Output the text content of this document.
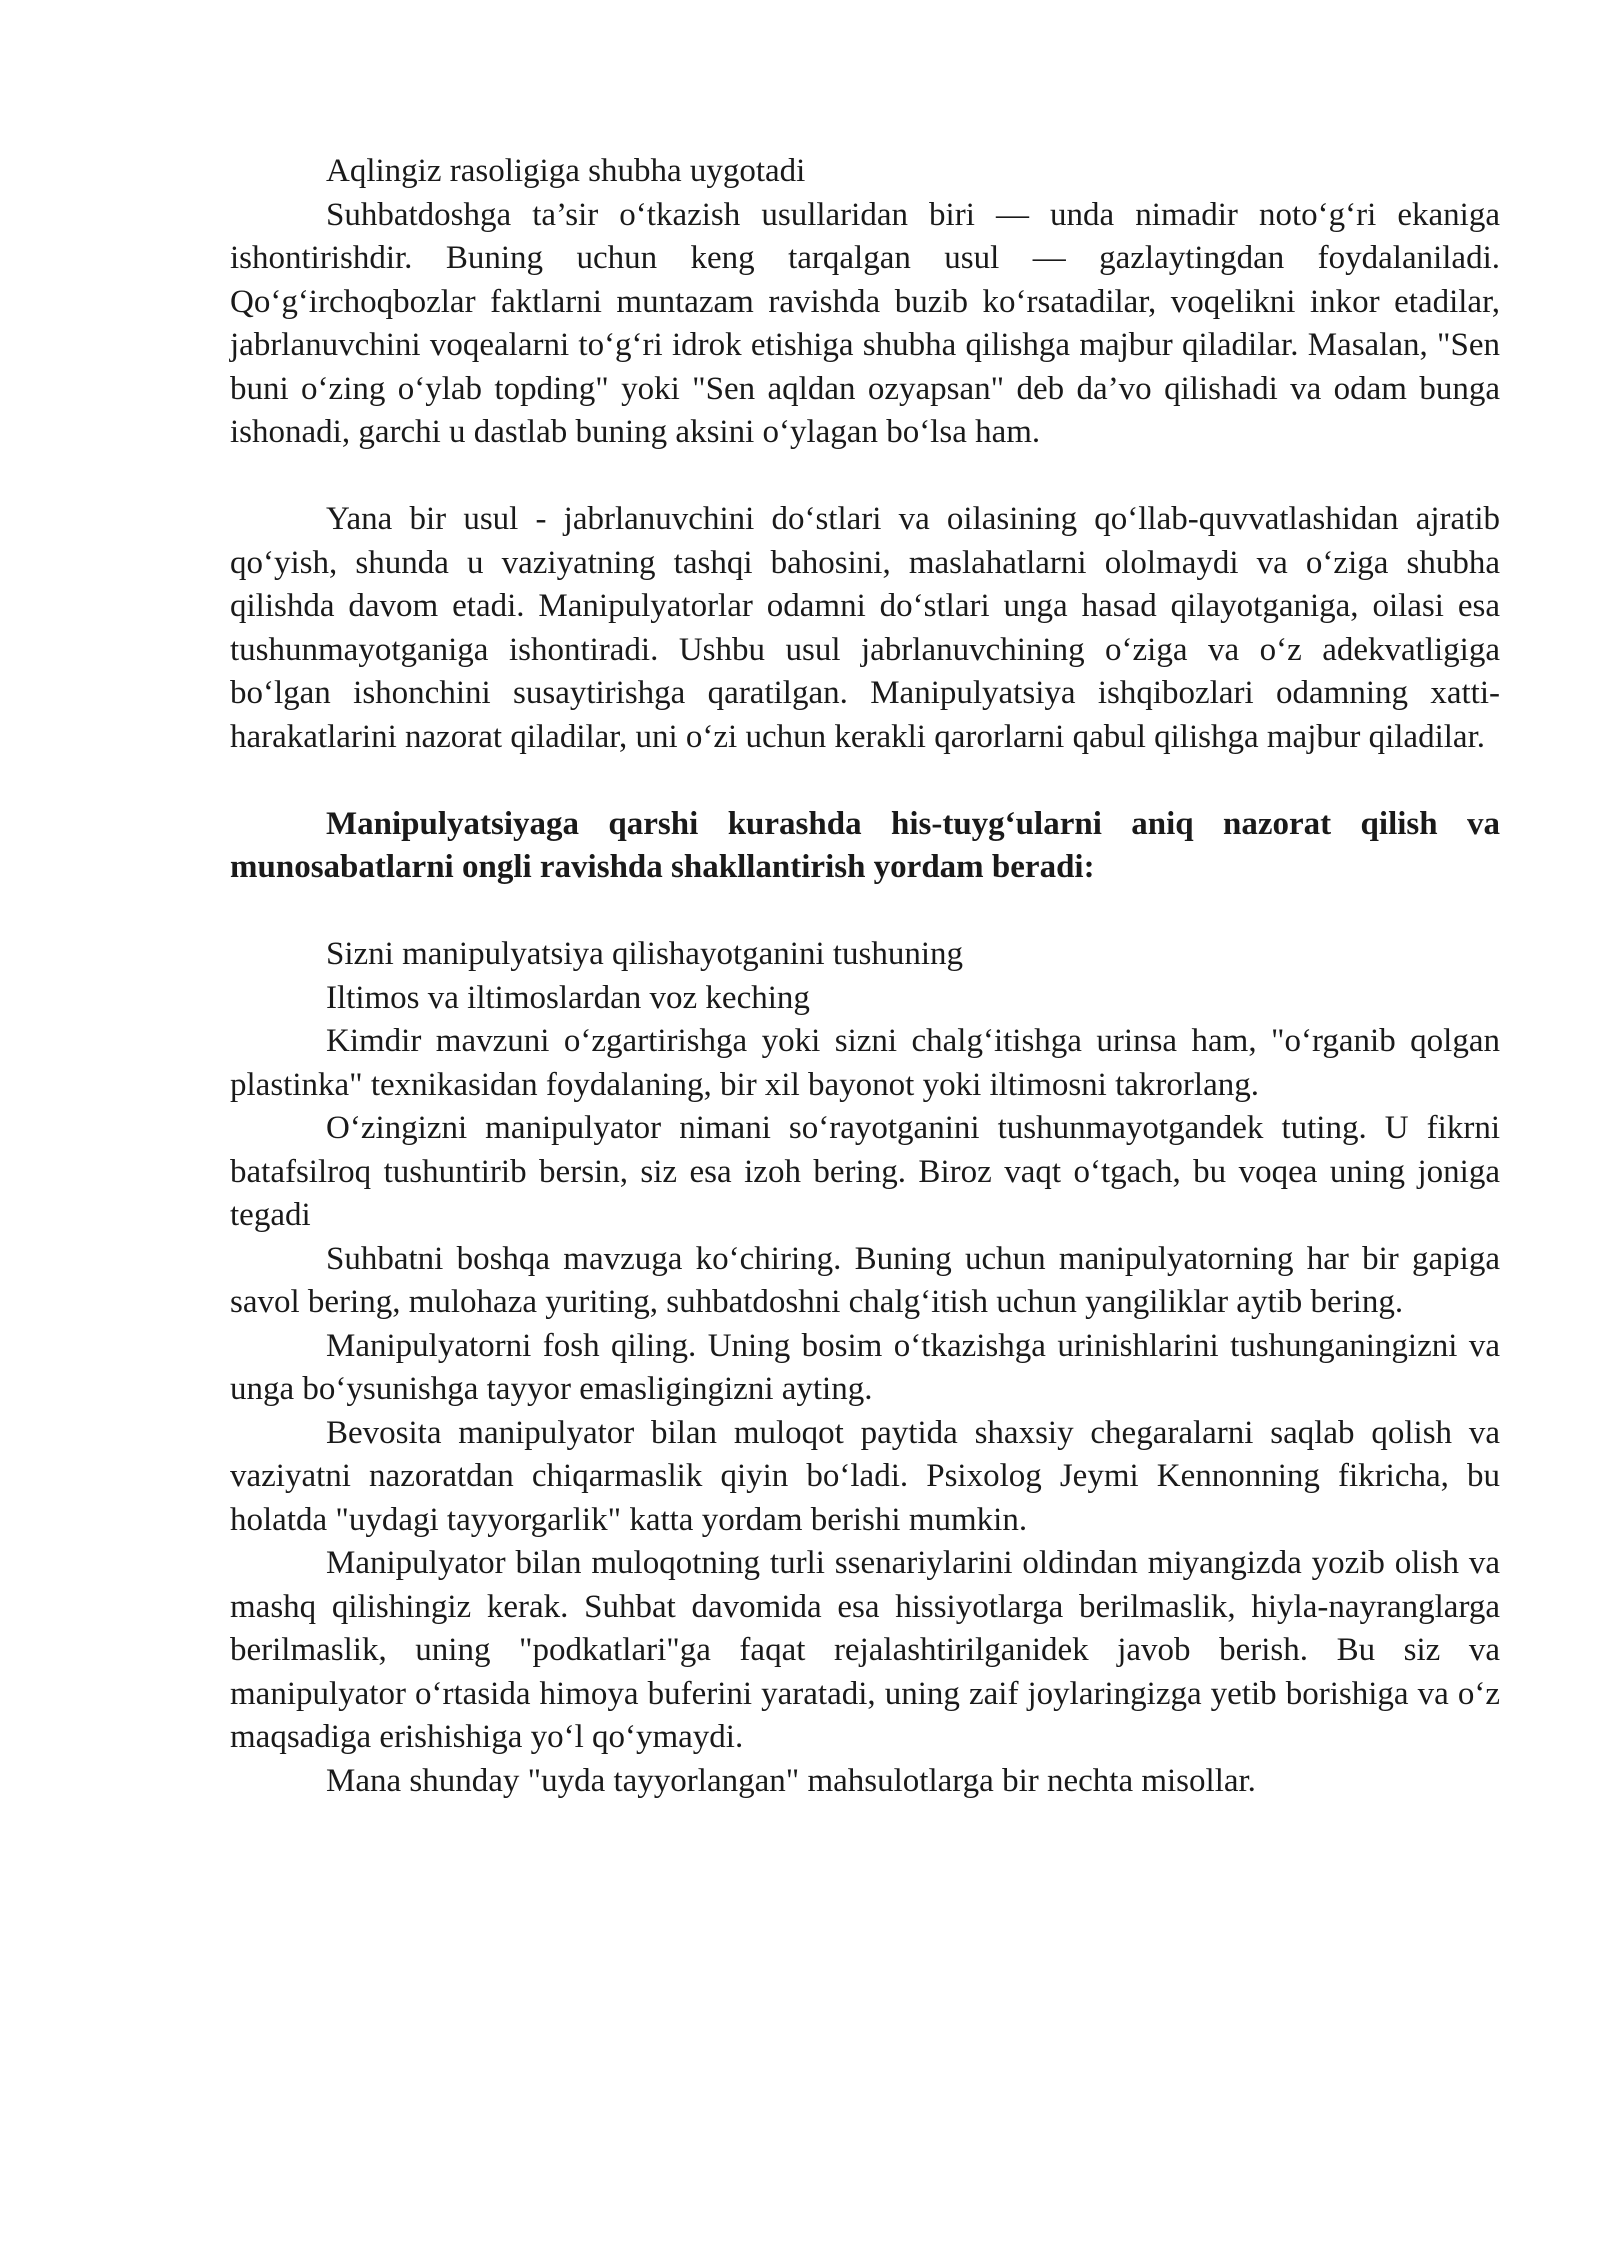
Aqlingiz rasoligiga shubha uygotadi

Suhbatdoshga ta’sir o‘tkazish usullaridan biri — unda nimadir noto‘g‘ri ekaniga ishontirishdir. Buning uchun keng tarqalgan usul — gazlaytingdan foydalaniladi. Qo‘g‘irchoqbozlar faktlarni muntazam ravishda buzib ko‘rsatadilar, voqelikni inkor etadilar, jabrlanuvchini voqealarni to‘g‘ri idrok etishiga shubha qilishga majbur qiladilar. Masalan, "Sen buni o‘zing o‘ylab topding" yoki "Sen aqldan ozyapsan" deb da’vo qilishadi va odam bunga ishonadi, garchi u dastlab buning aksini o‘ylagan bo‘lsa ham.

Yana bir usul - jabrlanuvchini do‘stlari va oilasining qo‘llab-quvvatlashidan ajratib qo‘yish, shunda u vaziyatning tashqi bahosini, maslahatlarni ololmaydi va o‘ziga shubha qilishda davom etadi. Manipulyatorlar odamni do‘stlari unga hasad qilayotganiga, oilasi esa tushunmayotganiga ishontiradi. Ushbu usul jabrlanuvchining o‘ziga va o‘z adekvatligiga bo‘lgan ishonchini susaytirishga qaratilgan. Manipulyatsiya ishqibozlari odamning xatti-harakatlarini nazorat qiladilar, uni o‘zi uchun kerakli qarorlarni qabul qilishga majbur qiladilar.

Manipulyatsiyaga qarshi kurashda his-tuyg‘ularni aniq nazorat qilish va munosabatlarni ongli ravishda shakllantirish yordam beradi:

Sizni manipulyatsiya qilishayotganini tushuning

Iltimos va iltimoslardan voz keching

Kimdir mavzuni o‘zgartirishga yoki sizni chalg‘itishga urinsa ham, "o‘rganib qolgan plastinka" texnikasidan foydalaning, bir xil bayonot yoki iltimosni takrorlang.

O‘zingizni manipulyator nimani so‘rayotganini tushunmayotgandek tuting. U fikrni batafsilroq tushuntirib bersin, siz esa izoh bering. Biroz vaqt o‘tgach, bu voqea uning joniga tegadi

Suhbatni boshqa mavzuga ko‘chiring. Buning uchun manipulyatorning har bir gapiga savol bering, mulohaza yuriting, suhbatdoshni chalg‘itish uchun yangiliklar aytib bering.

Manipulyatorni fosh qiling. Uning bosim o‘tkazishga urinishlarini tushunganingizni va unga bo‘ysunishga tayyor emasligingizni ayting.

Bevosita manipulyator bilan muloqot paytida shaxsiy chegaralarni saqlab qolish va vaziyatni nazoratdan chiqarmaslik qiyin bo‘ladi. Psixolog Jeymi Kennonning fikricha, bu holatda "uydagi tayyorgarlik" katta yordam berishi mumkin.

Manipulyator bilan muloqotning turli ssenariylarini oldindan miyangizda yozib olish va mashq qilishingiz kerak. Suhbat davomida esa hissiyotlarga berilmaslik, hiyla-nayranglarga berilmaslik, uning "podkatlari"ga faqat rejalashtirilganidek javob berish. Bu siz va manipulyator o‘rtasida himoya buferini yaratadi, uning zaif joylaringizga yetib borishiga va o‘z maqsadiga erishishiga yo‘l qo‘ymaydi.

Mana shunday "uyda tayyorlangan" mahsulotlarga bir nechta misollar.
